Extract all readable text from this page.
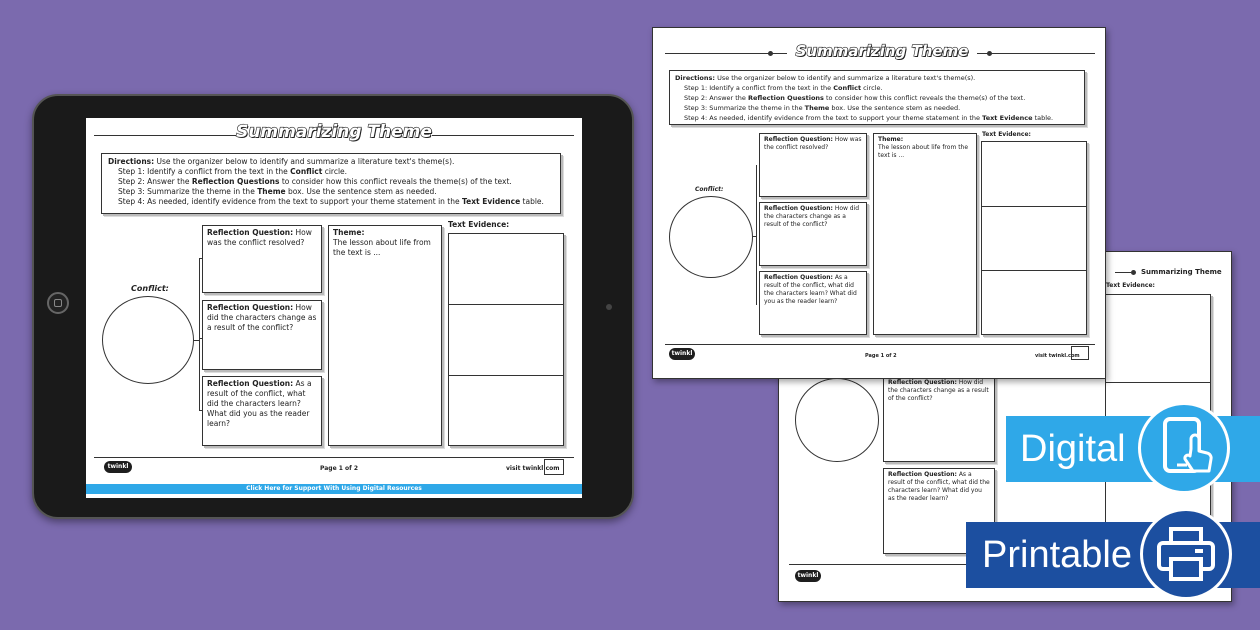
Summarizing Theme
Directions: Use the organizer below to identify and summarize a literature text's theme(s).
Step 1: Identify a conflict from the text in the Conflict circle.
Step 2: Answer the Reflection Questions to consider how this conflict reveals the theme(s) of the text.
Step 3: Summarize the theme in the Theme box. Use the sentence stem as needed.
Step 4: As needed, identify evidence from the text to support your theme statement in the Text Evidence table.
Conflict:
Reflection Question: How was the conflict resolved?
Reflection Question: How did the characters change as a result of the conflict?
Reflection Question: As a result of the conflict, what did the characters learn? What did you as the reader learn?
Theme:
The lesson about life from the text is ...
Text Evidence:
twinkl	Page 1 of 2	visit twinkl.com
Click Here for Support With Using Digital Resources
Summarizing Theme
Text Evidence:
Reflection Question: How did the characters change as a result of the conflict?
Reflection Question: As a result of the conflict, what did the characters learn? What did you as the reader learn?
twinkl
Summarizing Theme
Directions: Use the organizer below to identify and summarize a literature text's theme(s).
Step 1: Identify a conflict from the text in the Conflict circle.
Step 2: Answer the Reflection Questions to consider how this conflict reveals the theme(s) of the text.
Step 3: Summarize the theme in the Theme box. Use the sentence stem as needed.
Step 4: As needed, identify evidence from the text to support your theme statement in the Text Evidence table.
Conflict:
Reflection Question: How was the conflict resolved?
Reflection Question: How did the characters change as a result of the conflict?
Reflection Question: As a result of the conflict, what did the characters learn? What did you as the reader learn?
Theme:
The lesson about life from the text is ...
Text Evidence:
twinkl	Page 1 of 2	visit twinkl.com
Digital
Printable
